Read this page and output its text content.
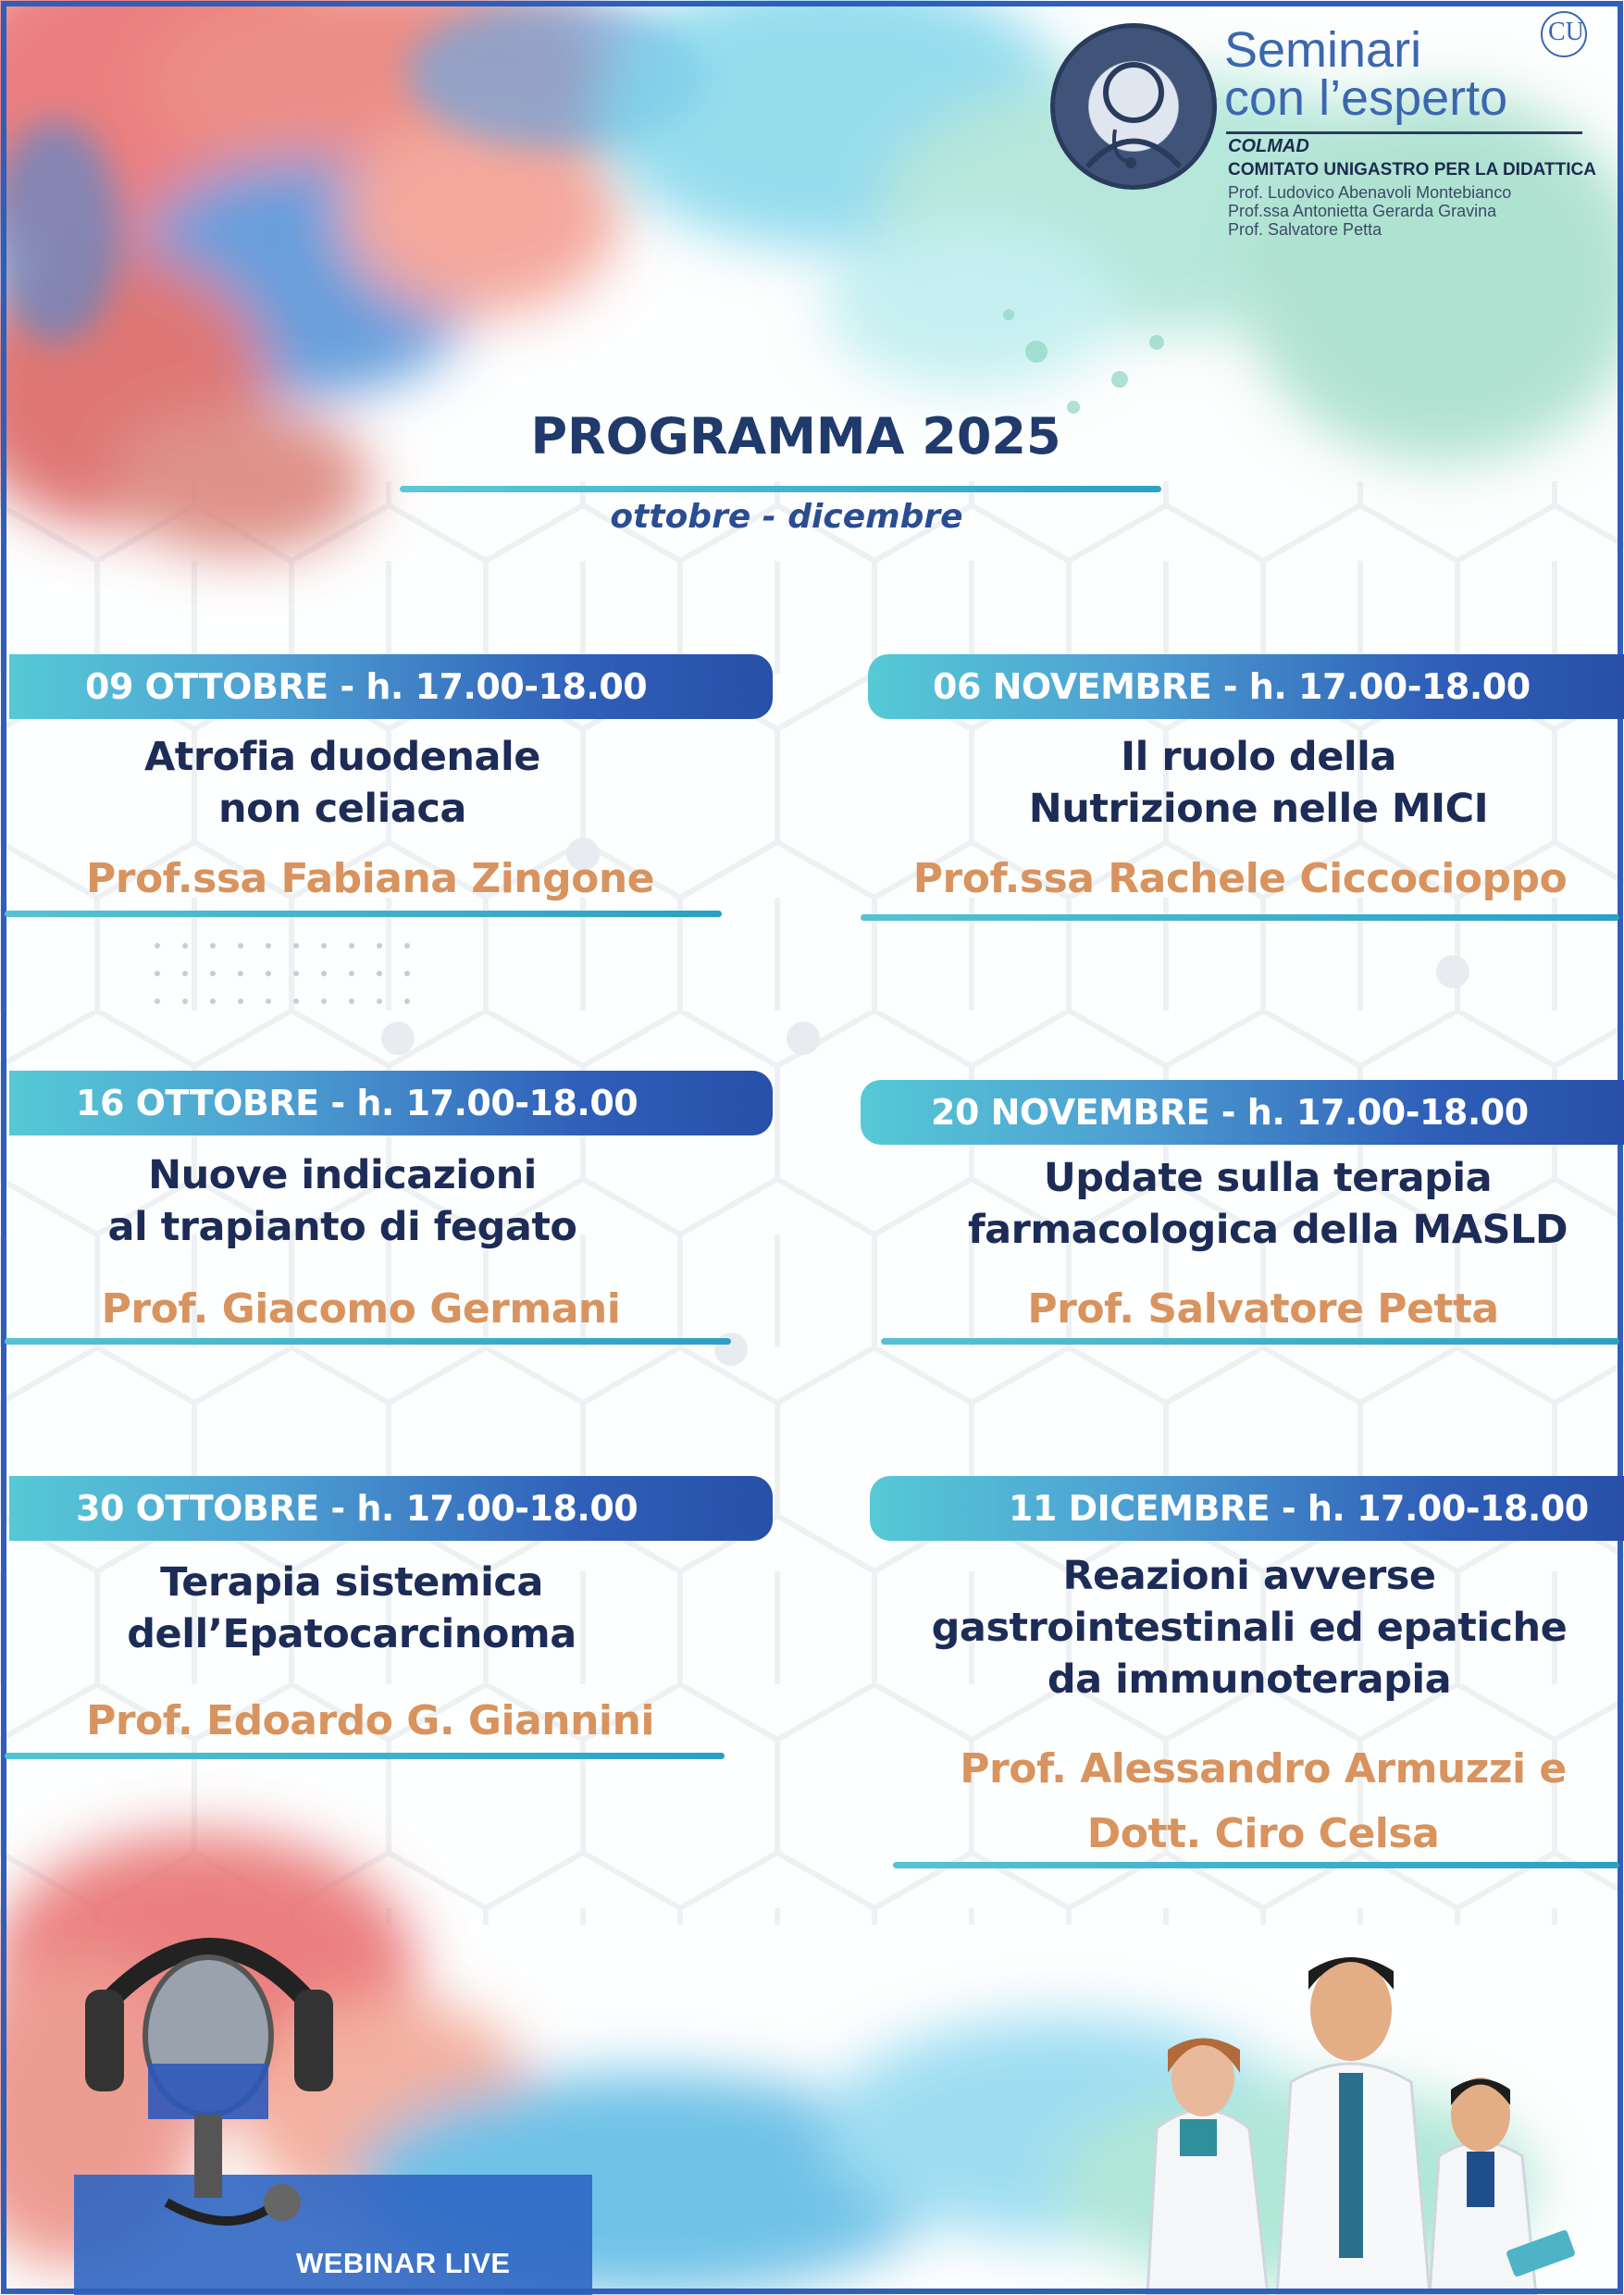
Seminari
con l’esperto
COLMAD
COMITATO UNIGASTRO PER LA DIDATTICA
Prof. Ludovico Abenavoli Montebianco
Prof.ssa Antonietta Gerarda Gravina
Prof. Salvatore Petta
CU
PROGRAMMA 2025
ottobre - dicembre
09 OTTOBRE - h. 17.00-18.00
Atrofia duodenale
non celiaca
Prof.ssa Fabiana Zingone
06 NOVEMBRE - h. 17.00-18.00
Il ruolo della
Nutrizione nelle MICI
Prof.ssa Rachele Ciccocioppo
16 OTTOBRE - h. 17.00-18.00
Nuove indicazioni
al trapianto di fegato
Prof. Giacomo Germani
20 NOVEMBRE - h. 17.00-18.00
Update sulla terapia
farmacologica della MASLD
Prof. Salvatore Petta
30 OTTOBRE - h. 17.00-18.00
Terapia sistemica
dell’Epatocarcinoma
Prof. Edoardo G. Giannini
11 DICEMBRE - h. 17.00-18.00
Reazioni avverse
gastrointestinali ed epatiche
da immunoterapia
Prof. Alessandro Armuzzi e
Dott. Ciro Celsa
WEBINAR LIVE
